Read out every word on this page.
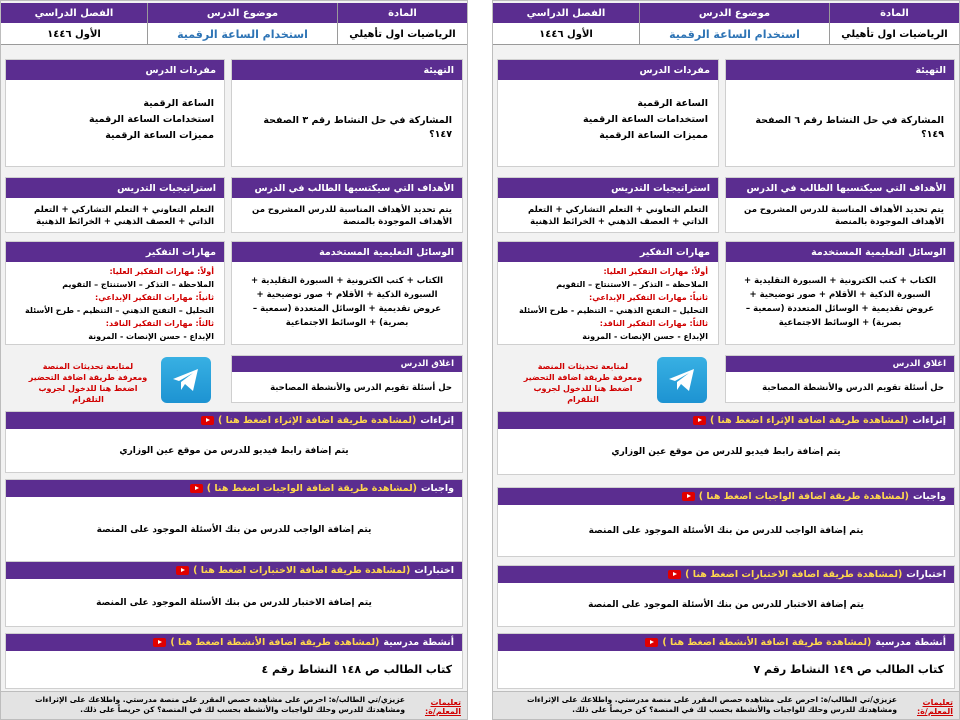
المادة
الرياضيات اول تأهيلي
موضوع الدرس
استخدام الساعة الرقمية
الفصل الدراسي
الأول ١٤٤٦
التهيئة
المشاركة في حل النشاط رقم ٣ الصفحة ١٤٧؟
مفردات الدرس
الساعة الرقمية
استخدامات الساعة الرقمية
مميزات الساعة الرقمية
الأهداف التي سيكتسبها الطالب في الدرس
يتم تحديد الأهداف المناسبة للدرس المشروح من الأهداف الموجودة بالمنصة
استراتيجيات التدريس
التعلم التعاوني + التعلم التشاركي + التعلم الذاتي + العصف الذهني + الخرائط الذهنية
الوسائل التعليمية المستخدمة
الكتاب + كتب الكترونية + السبورة التقليدية + السبورة الذكية + الأقلام + صور توضيحية + عروض تقديمية + الوسائل المتعددة (سمعية – بصرية) + الوسائط الاجتماعية
مهارات التفكير
أولاً: مهارات التفكير العليا:
الملاحظة – التذكر – الاستنتاج – التقويم
ثانياً: مهارات التفكير الإبداعي:
التحليل – التفتح الذهني – التنظيم - طرح الأسئلة
ثالثاً: مهارات التفكير الناقد:
الإبداع - حسن الإنصات - المرونة
اغلاق الدرس
حل أسئلة تقويم الدرس والأنشطة المصاحبة
لمتابعة تحديثات المنصة
ومعرفة طريقة اضافة التحضير
اضغط هنا للدخول لجروب التلقرام
إثراءات
(لمشاهدة طريقة اضافة الإثراء اضغط هنا )
يتم إضافة رابط فيديو للدرس من موقع عين الوزاري
واجبات
(لمشاهدة طريقة اضافة الواجبات اضغط هنا )
يتم إضافة الواجب للدرس من بنك الأسئلة الموجود على المنصة
اختبارات
(لمشاهدة طريقة اضافة الاختبارات اضغط هنا )
يتم إضافة الاختبار للدرس من بنك الأسئلة الموجود على المنصة
أنشطة مدرسية
(لمشاهدة طريقة اضافة الأنشطة اضغط هنا )
كتاب الطالب ص ١٤٨ النشاط رقم ٤
تعليمات المعلم/ة:
عزيزي/تي الطالب/ة: احرص على مشاهدة حصص المقرر على منصة مدرستي. واطلاعك على الإثراءات ومشاهدتك للدرس وحلك للواجبات والأنشطة بحسب لك في المنصة؟ كن حريصاً على ذلك.
المادة
الرياضيات اول تأهيلي
موضوع الدرس
استخدام الساعة الرقمية
الفصل الدراسي
الأول ١٤٤٦
التهيئة
المشاركة في حل النشاط رقم ٦ الصفحة ١٤٩؟
مفردات الدرس
الساعة الرقمية
استخدامات الساعة الرقمية
مميزات الساعة الرقمية
الأهداف التي سيكتسبها الطالب في الدرس
يتم تحديد الأهداف المناسبة للدرس المشروح من الأهداف الموجودة بالمنصة
استراتيجيات التدريس
التعلم التعاوني + التعلم التشاركي + التعلم الذاتي + العصف الذهني + الخرائط الذهنية
الوسائل التعليمية المستخدمة
الكتاب + كتب الكترونية + السبورة التقليدية + السبورة الذكية + الأقلام + صور توضيحية + عروض تقديمية + الوسائل المتعددة (سمعية – بصرية) + الوسائط الاجتماعية
مهارات التفكير
أولاً: مهارات التفكير العليا:
الملاحظة – التذكر – الاستنتاج – التقويم
ثانياً: مهارات التفكير الإبداعي:
التحليل – التفتح الذهني – التنظيم - طرح الأسئلة
ثالثاً: مهارات التفكير الناقد:
الإبداع - حسن الإنصات - المرونة
اغلاق الدرس
حل أسئلة تقويم الدرس والأنشطة المصاحبة
لمتابعة تحديثات المنصة
ومعرفة طريقة اضافة التحضير
اضغط هنا للدخول لجروب التلقرام
إثراءات
(لمشاهدة طريقة اضافة الإثراء اضغط هنا )
يتم إضافة رابط فيديو للدرس من موقع عين الوزاري
واجبات
(لمشاهدة طريقة اضافة الواجبات اضغط هنا )
يتم إضافة الواجب للدرس من بنك الأسئلة الموجود على المنصة
اختبارات
(لمشاهدة طريقة اضافة الاختبارات اضغط هنا )
يتم إضافة الاختبار للدرس من بنك الأسئلة الموجود على المنصة
أنشطة مدرسية
(لمشاهدة طريقة اضافة الأنشطة اضغط هنا )
كتاب الطالب ص ١٤٩ النشاط رقم ٧
تعليمات المعلم/ة:
عزيزي/تي الطالب/ة: احرص على مشاهدة حصص المقرر على منصة مدرستي. واطلاعك على الإثراءات ومشاهدتك للدرس وحلك للواجبات والأنشطة بحسب لك في المنصة؟ كن حريصاً على ذلك.
